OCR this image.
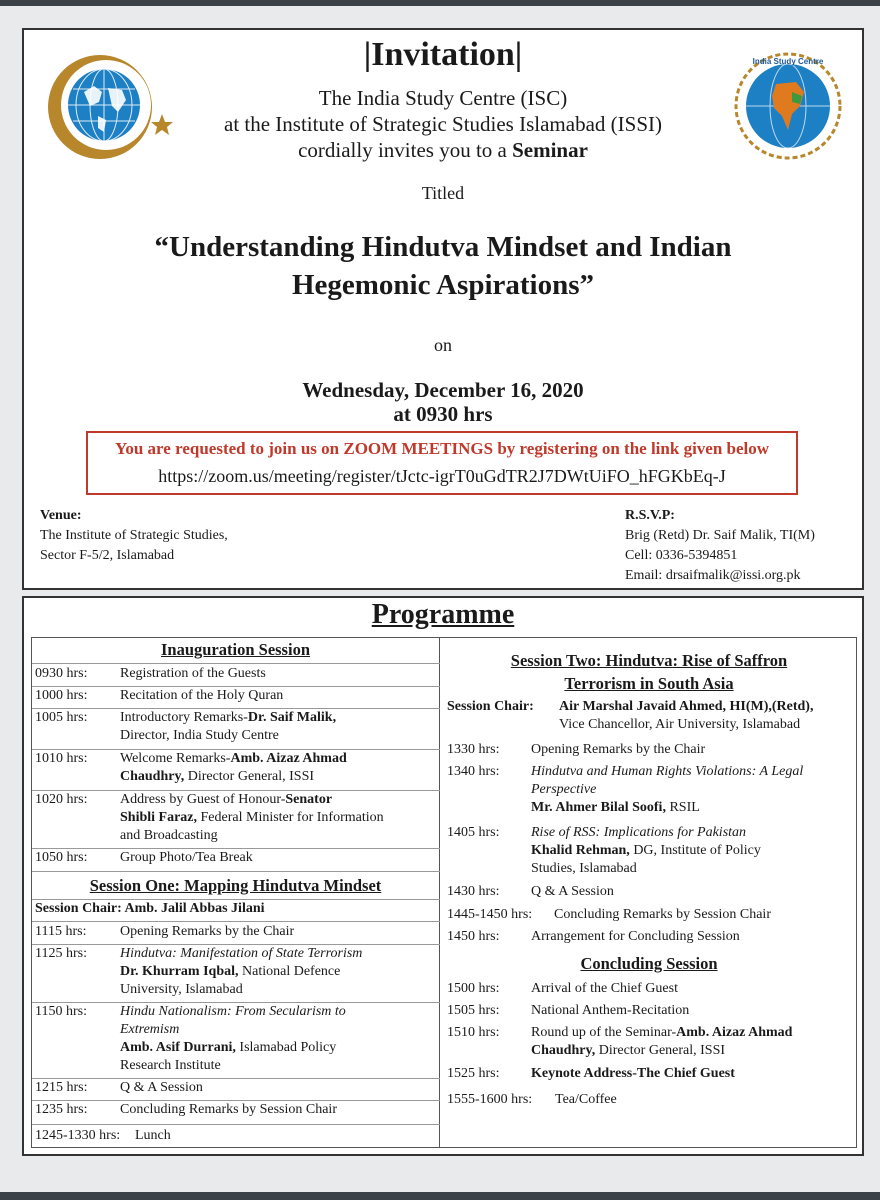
India Study Centre

|Invitation|

The India Study Centre (ISC)
at the Institute of Strategic Studies Islamabad (ISSI)
cordially invites you to a Seminar

Titled

“Understanding Hindutva Mindset and Indian
Hegemonic Aspirations”

on

Wednesday, December 16, 2020
at 0930 hrs
You are requested to join us on ZOOM MEETINGS by registering on the link given below
https://zoom.us/meeting/register/tJctc-igrT0uGdTR2J7DWtUiFO_hFGKbEq-J
Venue:
The Institute of Strategic Studies,
Sector F-5/2, Islamabad
R.S.V.P:
Brig (Retd) Dr. Saif Malik, TI(M)
Cell: 0336-5394851
Email: drsaifmalik@issi.org.pk

Programme

Inauguration Session
0930 hrs: Registration of the Guests
1000 hrs: Recitation of the Holy Quran
1005 hrs: Introductory Remarks-Dr. Saif Malik,
Director, India Study Centre
1010 hrs: Welcome Remarks-Amb. Aizaz Ahmad
Chaudhry, Director General, ISSI
1020 hrs: Address by Guest of Honour-Senator
Shibli Faraz, Federal Minister for Information
and Broadcasting
1050 hrs: Group Photo/Tea Break
Session One: Mapping Hindutva Mindset
Session Chair: Amb. Jalil Abbas Jilani
1115 hrs: Opening Remarks by the Chair
1125 hrs: Hindutva: Manifestation of State Terrorism
Dr. Khurram Iqbal, National Defence
University, Islamabad
1150 hrs: Hindu Nationalism: From Secularism to
Extremism
Amb. Asif Durrani, Islamabad Policy
Research Institute
1215 hrs: Q & A Session
1235 hrs: Concluding Remarks by Session Chair
1245-1330 hrs: Lunch
Session Two: Hindutva: Rise of Saffron
Terrorism in South Asia
Session Chair: Air Marshal Javaid Ahmed, HI(M),(Retd),

Vice Chancellor, Air University, Islamabad
1330 hrs: Opening Remarks by the Chair
1340 hrs: Hindutva and Human Rights Violations: A Legal
Perspective
Mr. Ahmer Bilal Soofi, RSIL
1405 hrs: Rise of RSS: Implications for Pakistan
Khalid Rehman, DG, Institute of Policy
Studies, Islamabad
1430 hrs: Q & A Session
1445-1450 hrs: Concluding Remarks by Session Chair
1450 hrs: Arrangement for Concluding Session
Concluding Session
1500 hrs: Arrival of the Chief Guest
1505 hrs: National Anthem-Recitation
1510 hrs: Round up of the Seminar-Amb. Aizaz Ahmad
Chaudhry, Director General, ISSI
1525 hrs: Keynote Address-The Chief Guest
1555-1600 hrs: Tea/Coffee
